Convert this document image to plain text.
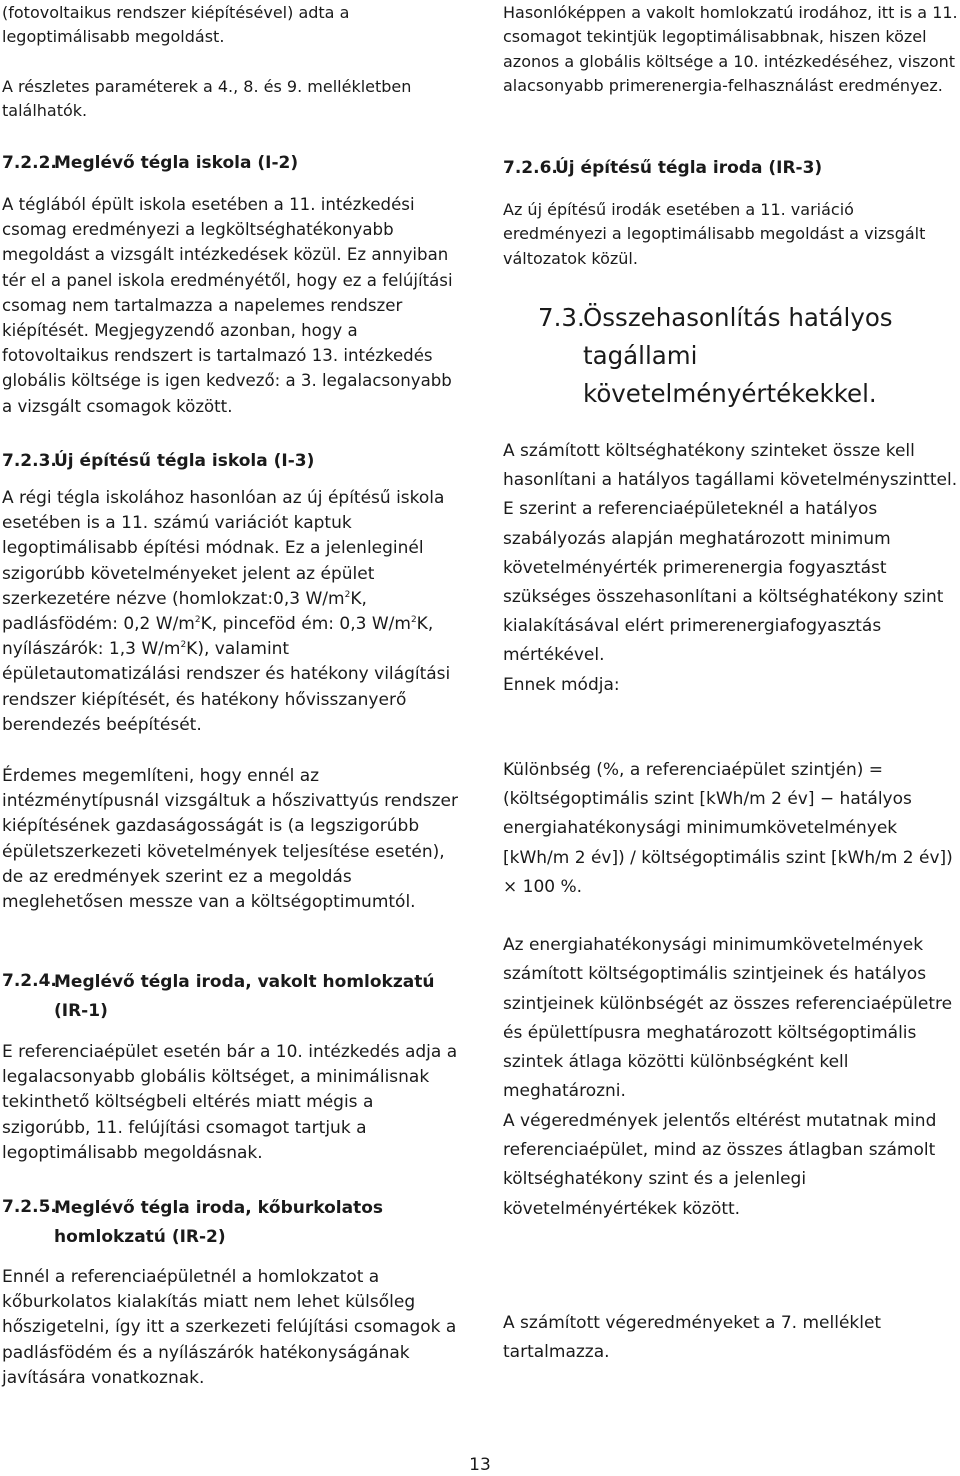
(fotovoltaikus rendszer kiépítésével) adta a legoptimálisabb megoldást.

A részletes paraméterek a 4., 8. és 9. mellékletben találhatók.

7.2.2.
Meglévő tégla iskola (I-2)

A téglából épült iskola esetében a 11. intézkedési csomag eredményezi a legköltséghatékonyabb megoldást a vizsgált intézkedések közül. Ez annyiban tér el a panel iskola eredményétől, hogy ez a felújítási csomag nem tartalmazza a napelemes rendszer kiépítését. Megjegyzendő azonban, hogy a fotovoltaikus rendszert is tartalmazó 13. intézkedés globális költsége is igen kedvező: a 3. legalacsonyabb a vizsgált csomagok között.

7.2.3.
Új építésű tégla iskola (I-3)

A régi tégla iskolához hasonlóan az új építésű iskola esetében is a 11. számú variációt kaptuk legoptimálisabb építési módnak. Ez a jelenleginél szigorúbb követelményeket jelent az épület szerkezetére nézve (homlokzat:0,3 $W/m^2K$, padlásfödém: 0,2 $W/m^2K$, pinceföd ém: 0,3 $W/m^2K$, nyílászárók: 1,3 $W/m^2K$), valamint épületautomatizálási rendszer és hatékony világítási rendszer kiépítését, és hatékony hővisszanyerő berendezés beépítését.

Érdemes megemlíteni, hogy ennél az intézménytípusnál vizsgáltuk a hőszivattyús rendszer kiépítésének gazdaságosságát is (a legszigorúbb épületszerkezeti követelmények teljesítése esetén), de az eredmények szerint ez a megoldás meglehetősen messze van a költségoptimumtól.

7.2.4.
Meglévő tégla iroda, vakolt homlokzatú (IR-1)

E referenciaépület esetén bár a 10. intézkedés adja a legalacsonyabb globális költséget, a minimálisnak tekinthető költségbeli eltérés miatt mégis a szigorúbb, 11. felújítási csomagot tartjuk a legoptimálisabb megoldásnak.

7.2.5.
Meglévő tégla iroda, kőburkolatos homlokzatú (IR-2)

Ennél a referenciaépületnél a homlokzatot a kőburkolatos kialakítás miatt nem lehet külsőleg hőszigetelni, így itt a szerkezeti felújítási csomagok a padlásfödém és a nyílászárók hatékonyságának javítására vonatkoznak.

Hasonlóképpen a vakolt homlokzatú irodához, itt is a 11. csomagot tekintjük legoptimálisabbnak, hiszen közel azonos a globális költsége a 10. intézkedéséhez, viszont alacsonyabb primerenergia-felhasználást eredményez.

7.2.6.
Új építésű tégla iroda (IR-3)

Az új építésű irodák esetében a 11. variáció eredményezi a legoptimálisabb megoldást a vizsgált változatok közül.

7.3.
Összehasonlítás hatályos tagállami követelményértékekkel.

A számított költséghatékony szinteket össze kell hasonlítani a hatályos tagállami követelményszinttel. E szerint a referenciaépületeknél a hatályos szabályozás alapján meghatározott minimum követelményérték primerenergia fogyasztást szükséges összehasonlítani a költséghatékony szint kialakításával elért primerenergiafogyasztás mértékével.
Ennek módja:

Különbség (%, a referenciaépület szintjén) = (költségoptimális szint [kWh/m 2 év] − hatályos energiahatékonysági minimumkövetelmények [kWh/m 2 év]) / költségoptimális szint [kWh/m 2 év]) × 100 %.

Az energiahatékonysági minimumkövetelmények számított költségoptimális szintjeinek és hatályos szintjeinek különbségét az összes referenciaépületre és épülettípusra meghatározott költségoptimális szintek átlaga közötti különbségként kell meghatározni.
A végeredmények jelentős eltérést mutatnak mind referenciaépület, mind az összes átlagban számolt költséghatékony szint és a jelenlegi követelményértékek között.

A számított végeredményeket a 7. melléklet tartalmazza.

13
